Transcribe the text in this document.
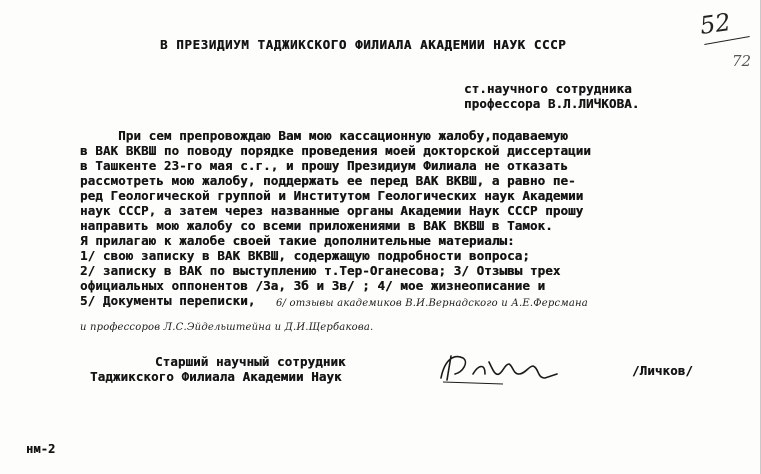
52
72
В ПРЕЗИДИУМ ТАДЖИКСКОГО ФИЛИАЛА АКАДЕМИИ НАУК СССР
ст.научного сотрудника
профессора В.Л.ЛИЧКОВА.
При сем препровождаю Вам мою кассационную жалобу,подаваемую
в ВАК ВКВШ по поводу порядке проведения моей докторской диссертации
в Ташкенте 23-го мая с.г., и прошу Президиум Филиала не отказать
рассмотреть мою жалобу, поддержать ее перед ВАК ВКВШ, а равно пе-
ред Геологической группой и Институтом Геологических наук Академии
наук СССР, а затем через названные органы Академии Наук СССР прошу
направить мою жалобу со всеми приложениями в ВАК ВКВШ в Тамок.
Я прилагаю к жалобе своей такие дополнительные материалы:
1/ свою записку в ВАК ВКВШ, содержащую подробности вопроса;
2/ записку в ВАК по выступлению т.Тер-Оганесова; 3/ Отзывы трех
официальных оппонентов /3а, 3б и 3в/ ; 4/ мое жизнеописание и
5/ Документы переписки, 6/ отзывы академиков В.И.Вернадского и А.Е.Ферсмана
и профессоров Л.С.Эйдельштейна и Д.И.Щербакова.
Старший научный сотрудник
Таджикского Филиала Академии Наук	/Личков/
нм-2
